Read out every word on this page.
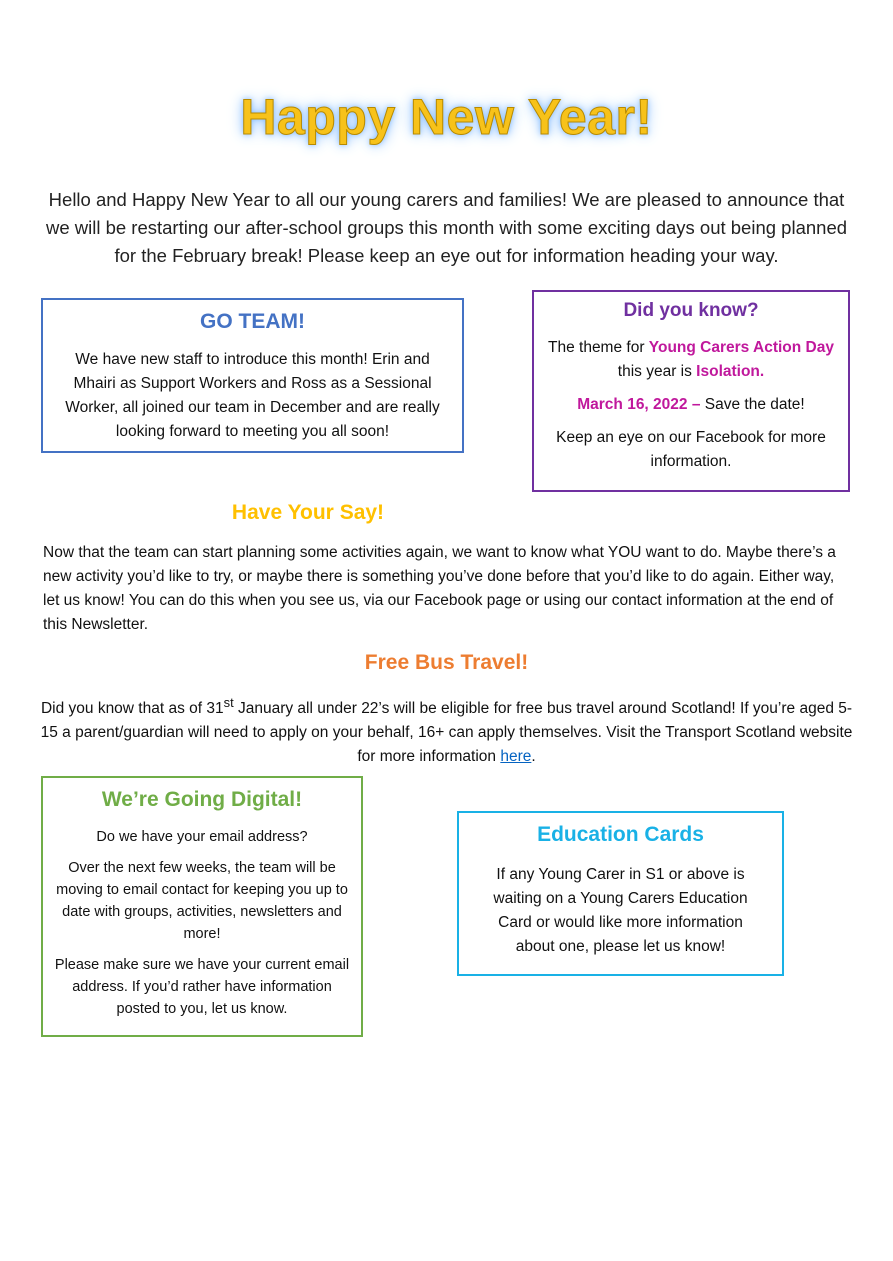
Happy New Year!
Hello and Happy New Year to all our young carers and families! We are pleased to announce that we will be restarting our after-school groups this month with some exciting days out being planned for the February break! Please keep an eye out for information heading your way.
GO TEAM!

We have new staff to introduce this month! Erin and Mhairi as Support Workers and Ross as a Sessional Worker, all joined our team in December and are really looking forward to meeting you all soon!

Did you know?

The theme for Young Carers Action Day this year is Isolation.

March 16, 2022 – Save the date!

Keep an eye on our Facebook for more information.

Have Your Say!
Now that the team can start planning some activities again, we want to know what YOU want to do. Maybe there’s a new activity you’d like to try, or maybe there is something you’ve done before that you’d like to do again. Either way, let us know! You can do this when you see us, via our Facebook page or using our contact information at the end of this Newsletter.
Free Bus Travel!
Did you know that as of 31st January all under 22’s will be eligible for free bus travel around Scotland! If you’re aged 5-15 a parent/guardian will need to apply on your behalf, 16+ can apply themselves. Visit the Transport Scotland website for more information here.
We’re Going Digital!

Do we have your email address?

Over the next few weeks, the team will be moving to email contact for keeping you up to date with groups, activities, newsletters and more!

Please make sure we have your current email address. If you’d rather have information posted to you, let us know.

Education Cards

If any Young Carer in S1 or above is waiting on a Young Carers Education Card or would like more information about one, please let us know!
